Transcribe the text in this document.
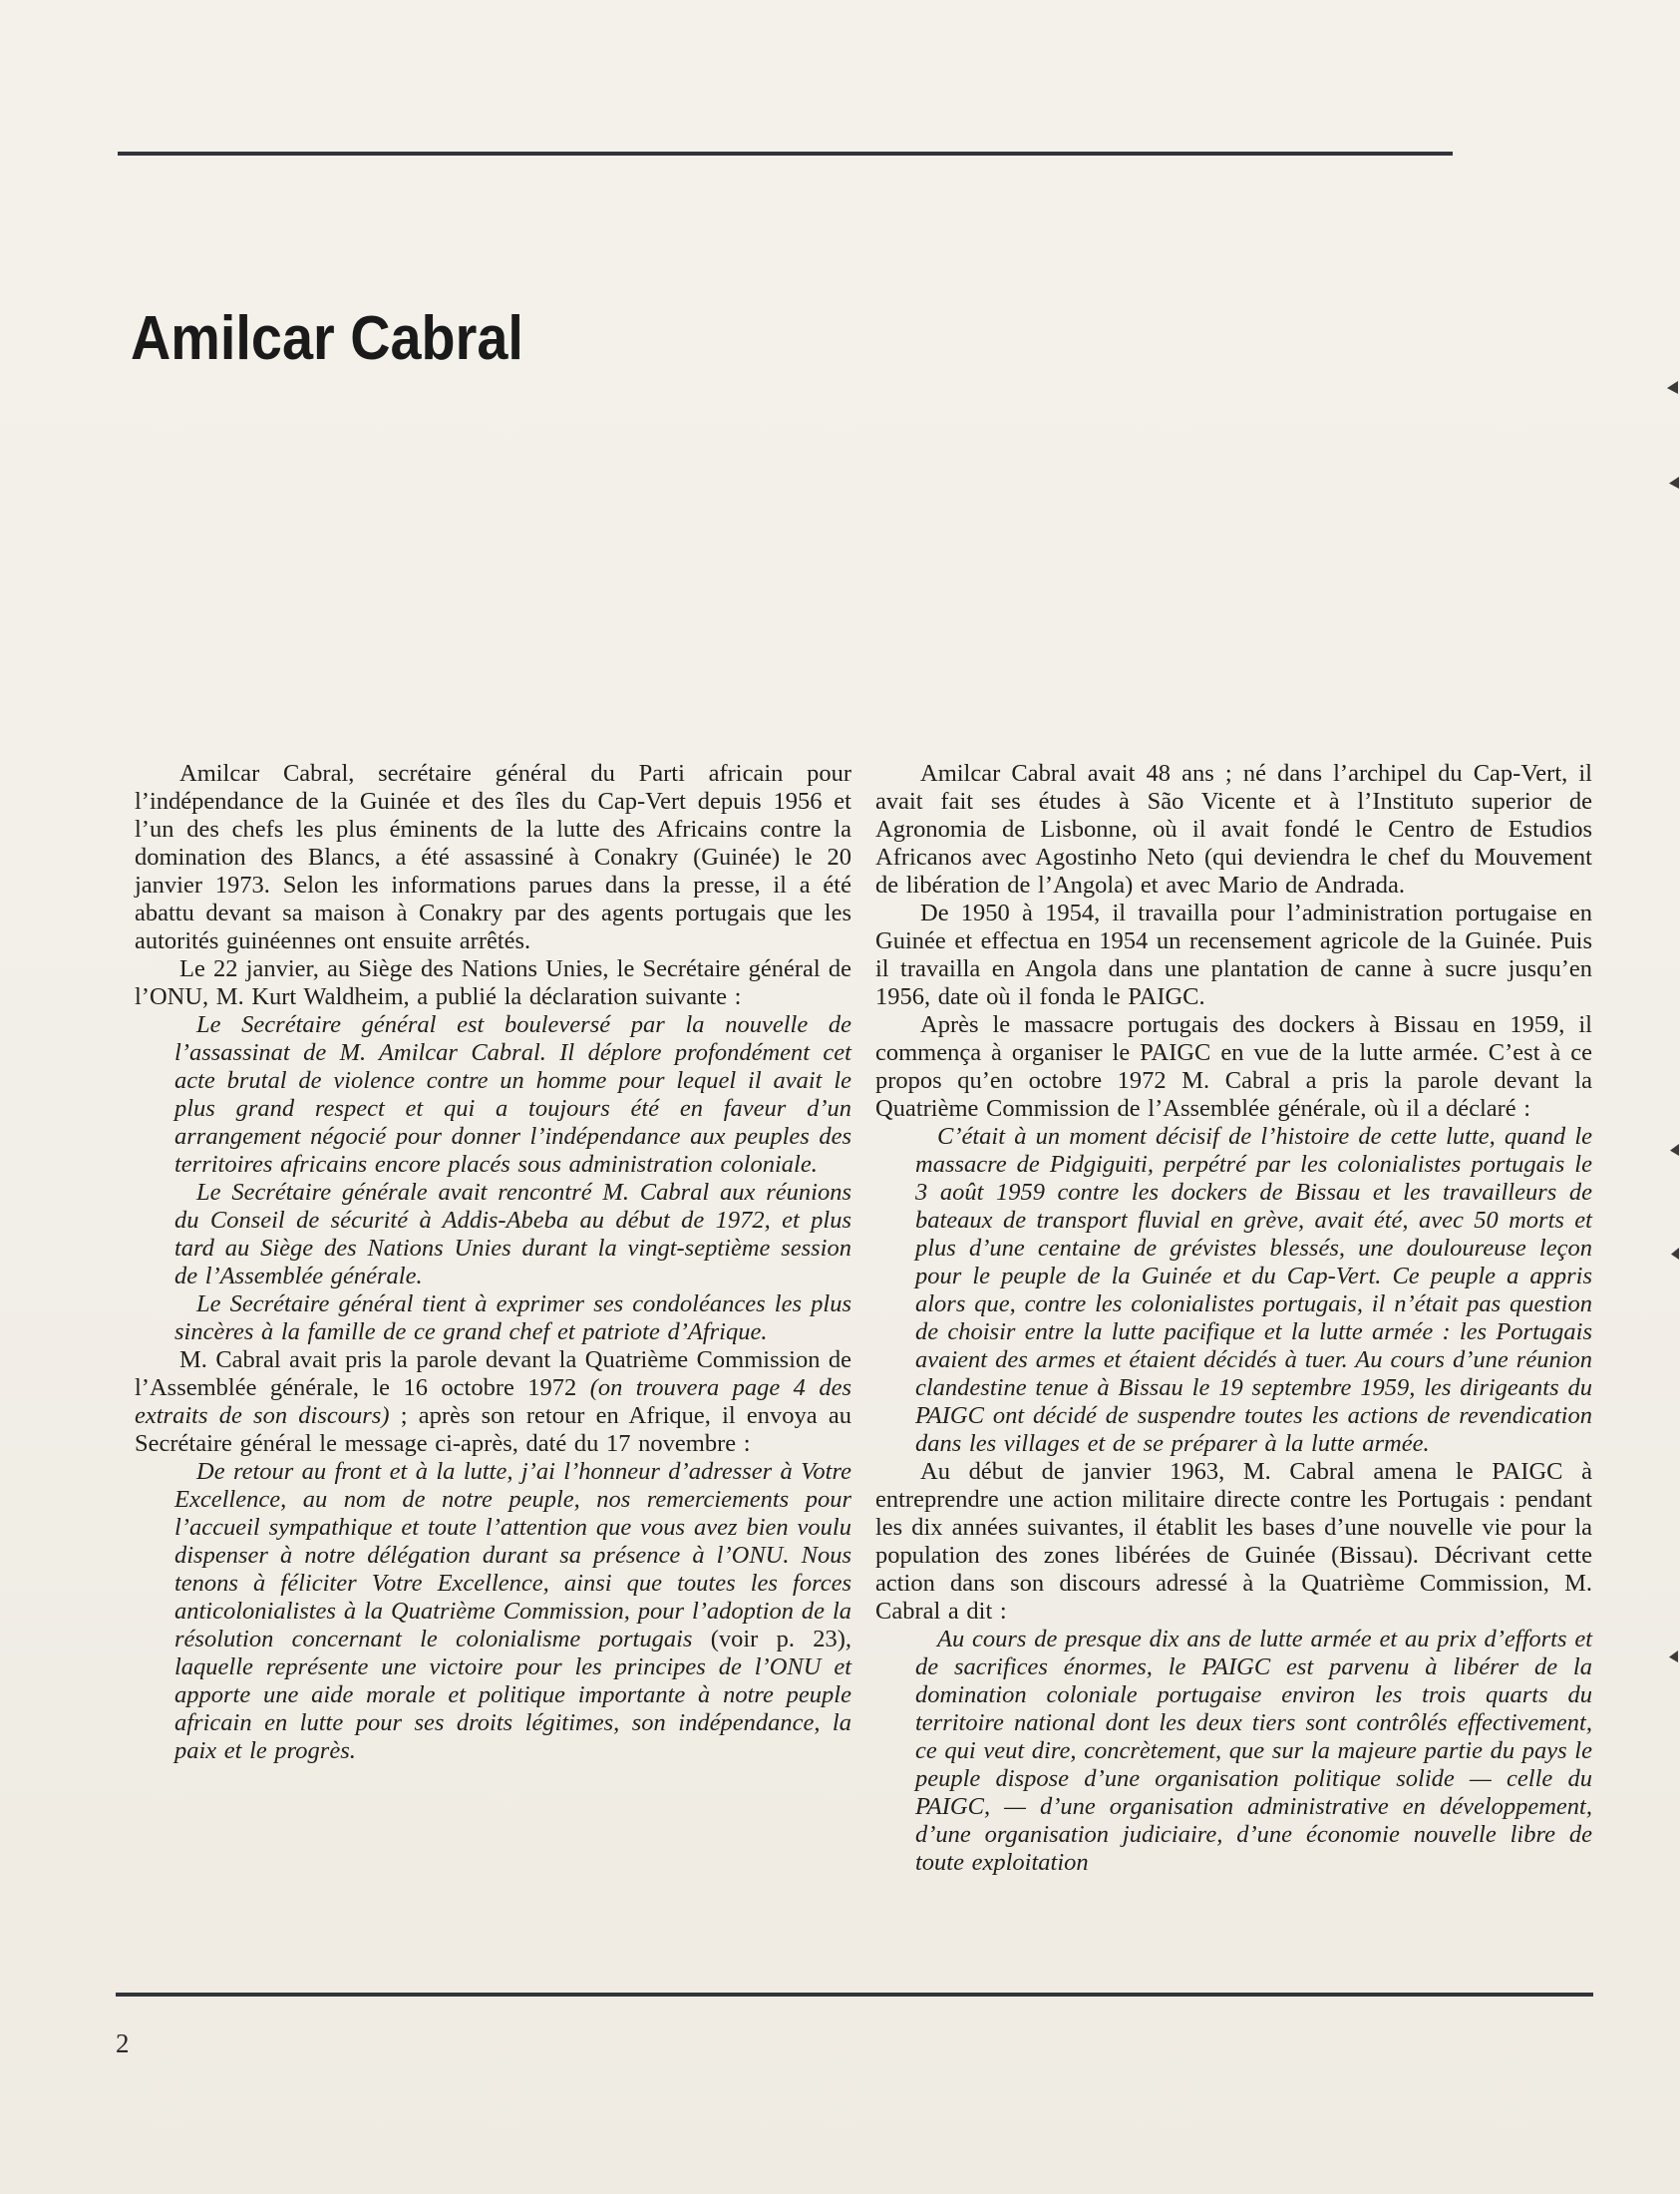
Amilcar Cabral

Amilcar Cabral, secrétaire général du Parti africain pour l’indépendance de la Guinée et des îles du Cap-Vert depuis 1956 et l’un des chefs les plus éminents de la lutte des Africains contre la domination des Blancs, a été assassiné à Conakry (Guinée) le 20 janvier 1973. Selon les informations parues dans la presse, il a été abattu devant sa maison à Conakry par des agents portugais que les autorités guinéennes ont ensuite arrêtés.

Le 22 janvier, au Siège des Nations Unies, le Secrétaire général de l’ONU, M. Kurt Waldheim, a publié la déclaration suivante :

Le Secrétaire général est bouleversé par la nouvelle de l’assassinat de M. Amilcar Cabral. Il déplore profondément cet acte brutal de violence contre un homme pour lequel il avait le plus grand respect et qui a toujours été en faveur d’un arrangement négocié pour donner l’indépendance aux peuples des territoires africains encore placés sous administration coloniale.

Le Secrétaire générale avait rencontré M. Cabral aux réunions du Conseil de sécurité à Addis-Abeba au début de 1972, et plus tard au Siège des Nations Unies durant la vingt-septième session de l’Assemblée générale.

Le Secrétaire général tient à exprimer ses condoléances les plus sincères à la famille de ce grand chef et patriote d’Afrique.

M. Cabral avait pris la parole devant la Quatrième Commission de l’Assemblée générale, le 16 octobre 1972 (on trouvera page 4 des extraits de son discours) ; après son retour en Afrique, il envoya au Secrétaire général le message ci-après, daté du 17 novembre :

De retour au front et à la lutte, j’ai l’honneur d’adresser à Votre Excellence, au nom de notre peuple, nos remerciements pour l’accueil sympathique et toute l’attention que vous avez bien voulu dispenser à notre délégation durant sa présence à l’ONU. Nous tenons à féliciter Votre Excellence, ainsi que toutes les forces anticolonialistes à la Quatrième Commission, pour l’adoption de la résolution concernant le colonialisme portugais (voir p. 23), laquelle représente une victoire pour les principes de l’ONU et apporte une aide morale et politique importante à notre peuple africain en lutte pour ses droits légitimes, son indépendance, la paix et le progrès.

Amilcar Cabral avait 48 ans ; né dans l’archipel du Cap-Vert, il avait fait ses études à São Vicente et à l’Instituto superior de Agronomia de Lisbonne, où il avait fondé le Centro de Estudios Africanos avec Agostinho Neto (qui deviendra le chef du Mouvement de libération de l’Angola) et avec Mario de Andrada.

De 1950 à 1954, il travailla pour l’administration portugaise en Guinée et effectua en 1954 un recensement agricole de la Guinée. Puis il travailla en Angola dans une plantation de canne à sucre jusqu’en 1956, date où il fonda le PAIGC.

Après le massacre portugais des dockers à Bissau en 1959, il commença à organiser le PAIGC en vue de la lutte armée. C’est à ce propos qu’en octobre 1972 M. Cabral a pris la parole devant la Quatrième Commission de l’Assemblée générale, où il a déclaré :

C’était à un moment décisif de l’histoire de cette lutte, quand le massacre de Pidgiguiti, perpétré par les colonialistes portugais le 3 août 1959 contre les dockers de Bissau et les travailleurs de bateaux de transport fluvial en grève, avait été, avec 50 morts et plus d’une centaine de grévistes blessés, une douloureuse leçon pour le peuple de la Guinée et du Cap-Vert. Ce peuple a appris alors que, contre les colonialistes portugais, il n’était pas question de choisir entre la lutte pacifique et la lutte armée : les Portugais avaient des armes et étaient décidés à tuer. Au cours d’une réunion clandestine tenue à Bissau le 19 septembre 1959, les dirigeants du PAIGC ont décidé de suspendre toutes les actions de revendication dans les villages et de se préparer à la lutte armée.

Au début de janvier 1963, M. Cabral amena le PAIGC à entreprendre une action militaire directe contre les Portugais : pendant les dix années suivantes, il établit les bases d’une nouvelle vie pour la population des zones libérées de Guinée (Bissau). Décrivant cette action dans son discours adressé à la Quatrième Commission, M. Cabral a dit :

Au cours de presque dix ans de lutte armée et au prix d’efforts et de sacrifices énormes, le PAIGC est parvenu à libérer de la domination coloniale portugaise environ les trois quarts du territoire national dont les deux tiers sont contrôlés effectivement, ce qui veut dire, concrètement, que sur la majeure partie du pays le peuple dispose d’une organisation politique solide — celle du PAIGC, — d’une organisation administrative en développement, d’une organisation judiciaire, d’une économie nouvelle libre de toute exploitation

2
